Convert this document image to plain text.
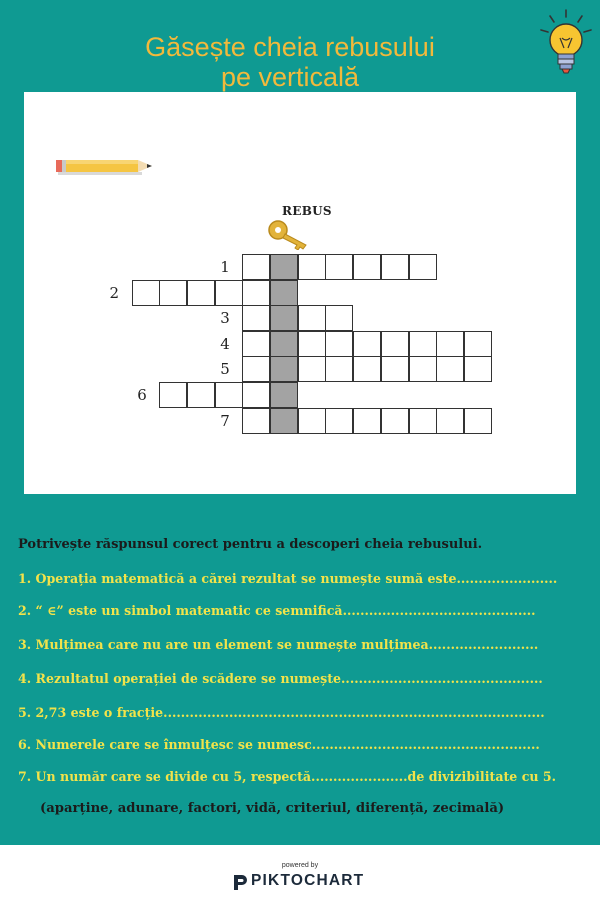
Găsește cheia rebusului
pe verticală
REBUS
1
2
3
4
5
6
7
Potrivește răspunsul corect pentru a descoperi cheia rebusului.
1. Operația matematică a cărei rezultat se numește sumă este.......................
2. “ ∈” este un simbol matematic ce semnifică............................................
3. Mulțimea care nu are un element se numește mulțimea.........................
4. Rezultatul operației de scădere se numește..............................................
5. 2,73 este o fracție.......................................................................................
6. Numerele care se înmulțesc se numesc....................................................
7. Un număr care se divide cu 5, respectă......................de divizibilitate cu 5.
(aparține, adunare, factori, vidă, criteriul, diferență, zecimală)
powered by
PIKTOCHART
